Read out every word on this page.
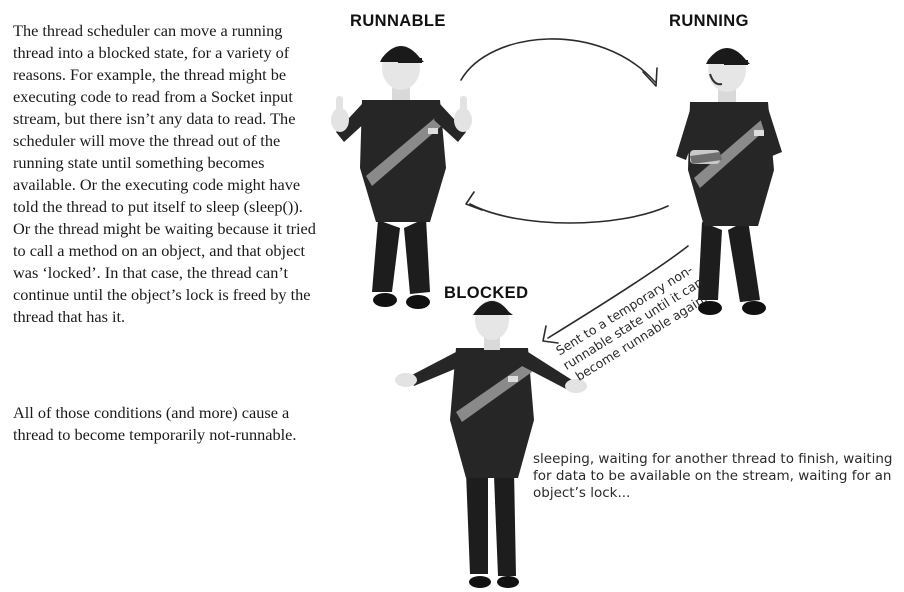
The thread scheduler can move a running thread into a blocked state, for a variety of reasons. For example, the thread might be executing code to read from a Socket input stream, but there isn’t any data to read. The scheduler will move the thread out of the running state until something becomes available. Or the executing code might have told the thread to put itself to sleep (sleep()). Or the thread might be waiting because it tried to call a method on an object, and that object was ‘locked’. In that case, the thread can’t continue until the object’s lock is freed by the thread that has it.

All of those conditions (and more) cause a thread to become temporarily not-runnable.

RUNNABLE	RUNNING
BLOCKED	Sent to a temporary non-runnable state until it can become runnable again.
sleeping, waiting for another thread to finish, waiting for data to be available on the stream, waiting for an object’s lock...
